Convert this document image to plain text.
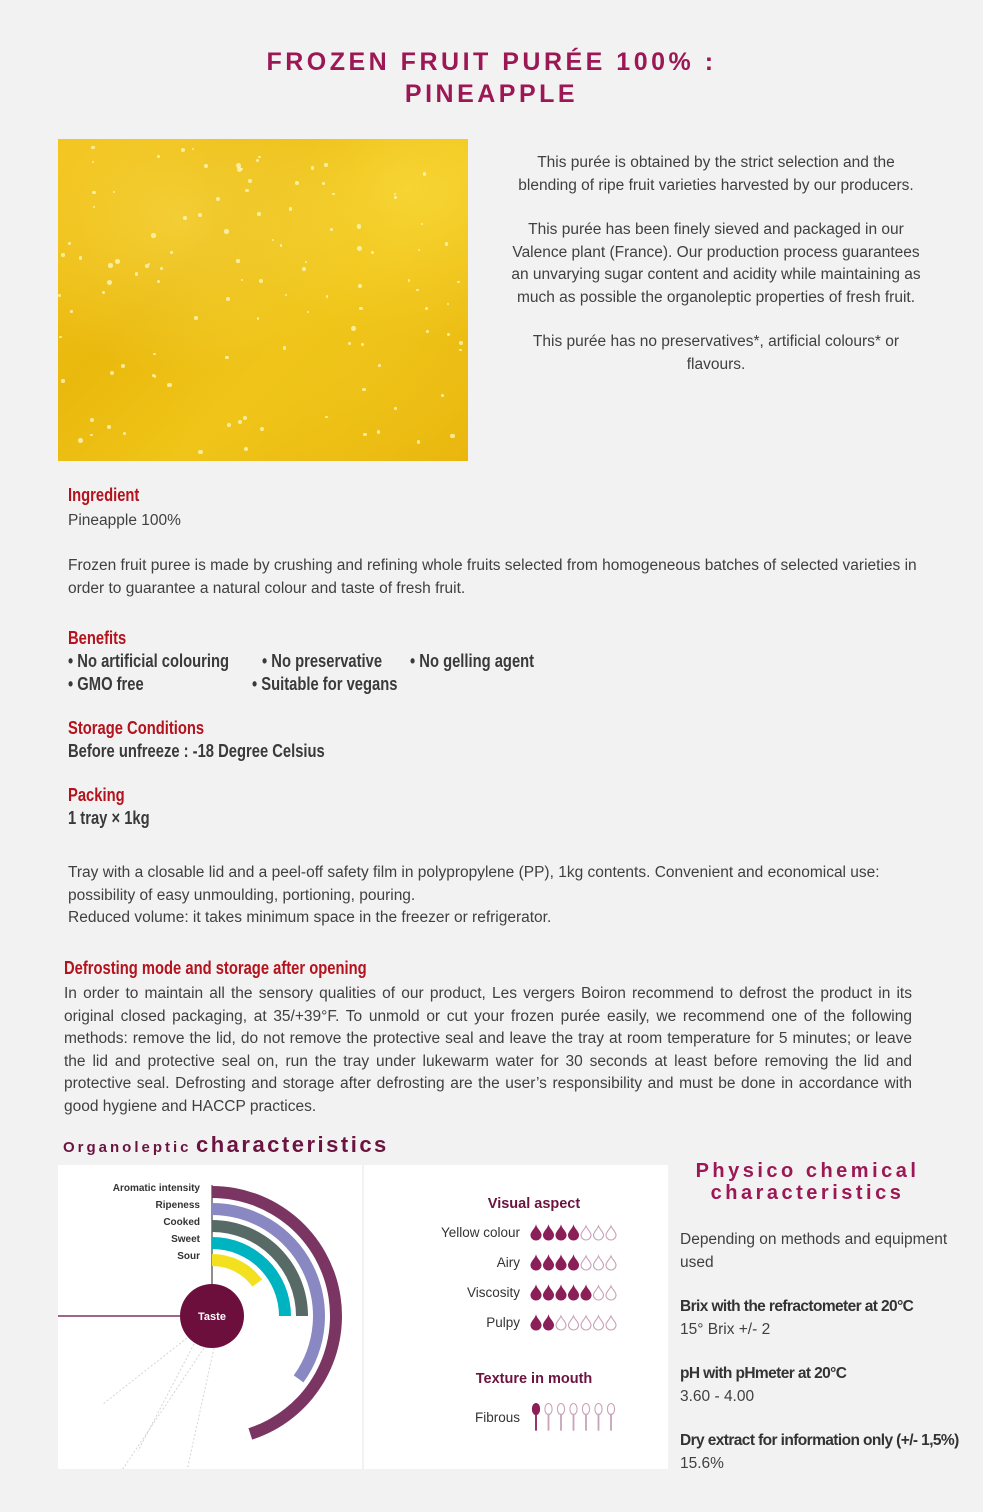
FROZEN FRUIT PURÉE 100% :
PINEAPPLE

This purée is obtained by the strict selection and the blending of ripe fruit varieties harvested by our producers.

This purée has been finely sieved and packaged in our Valence plant (France). Our production process guarantees an unvarying sugar content and acidity while maintaining as much as possible the organoleptic properties of fresh fruit.

This purée has no preservatives*, artificial colours* or flavours.

Ingredient
Pineapple 100%
Frozen fruit puree is made by crushing and refining whole fruits selected from homogeneous batches of selected varieties in order to guarantee a natural colour and taste of fresh fruit.
Benefits
• No artificial colouring • No preservative • No gelling agent
• GMO free	• Suitable for vegans
Storage Conditions
Before unfreeze : -18 Degree Celsius
Packing
1 tray × 1kg
Tray with a closable lid and a peel-off safety film in polypropylene (PP), 1kg contents. Convenient and economical use: possibility of easy unmoulding, portioning, pouring.
Reduced volume: it takes minimum space in the freezer or refrigerator.
Defrosting mode and storage after opening
In order to maintain all the sensory qualities of our product, Les vergers Boiron recommend to defrost the product in its original closed packaging, at 35/+39°F. To unmold or cut your frozen purée easily, we recommend one of the following methods: remove the lid, do not remove the protective seal and leave the tray at room temperature for 5 minutes; or leave the lid and protective seal on, run the tray under lukewarm water for 30 seconds at least before removing the lid and protective seal. Defrosting and storage after defrosting are the user’s responsibility and must be done in accordance with good hygiene and HACCP practices.
Organoleptic characteristics
Aromatic intensity
Ripeness
Cooked
Sweet
Sour
Yellow colour
Airy
Viscosity
Pulpy
Fibrous
Taste
Visual aspect
Texture in mouth
Physico chemical
characteristics
Depending on methods and equipment used
Brix with the refractometer at 20°C
15° Brix +/- 2
pH with pHmeter at 20°C
3.60 - 4.00
Dry extract for information only (+/- 1,5%)
15.6%
